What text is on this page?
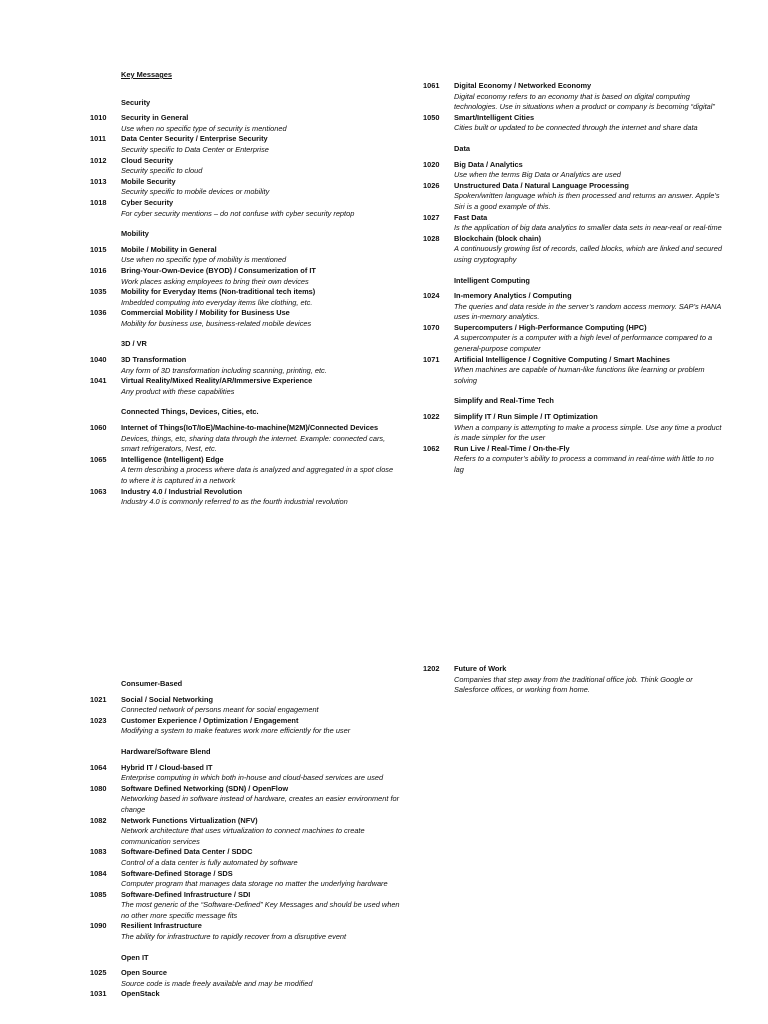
Key Messages
Security
1010	Security in General
Use when no specific type of security is mentioned
1011	Data Center Security / Enterprise Security
Security specific to Data Center or Enterprise
1012	Cloud Security
Security specific to cloud
1013	Mobile Security
Security specific to mobile devices or mobility
1018	Cyber Security
For cyber security mentions – do not confuse with cyber security reptop
Mobility
1015	Mobile / Mobility in General
Use when no specific type of mobility is mentioned
1016	Bring-Your-Own-Device (BYOD) / Consumerization of IT
Work places asking employees to bring their own devices
1035	Mobility for Everyday Items (Non-traditional tech items)
Imbedded computing into everyday items like clothing, etc.
1036	Commercial Mobility / Mobility for Business Use
Mobility for business use, business-related mobile devices
3D / VR
1040	3D Transformation
Any form of 3D transformation including scanning, printing, etc.
1041	Virtual Reality/Mixed Reality/AR/Immersive Experience
Any product with these capabilities
Connected Things, Devices, Cities, etc.
1060	Internet of Things(IoT/IoE)/Machine-to-machine(M2M)/Connected Devices
Devices, things, etc, sharing data through the internet. Example: connected cars, smart refrigerators, Nest, etc.
1065	Intelligence (Intelligent) Edge
A term describing a process where data is analyzed and aggregated in a spot close to where it is captured in a network
1063	Industry 4.0 / Industrial Revolution
Industry 4.0 is commonly referred to as the fourth industrial revolution
1061	Digital Economy / Networked Economy
Digital economy refers to an economy that is based on digital computing technologies. Use in situations when a product or company is becoming “digital”
1050	Smart/Intelligent Cities
Cities built or updated to be connected through the internet and share data
Data
1020	Big Data / Analytics
Use when the terms Big Data or Analytics are used
1026	Unstructured Data / Natural Language Processing
Spoken/written language which is then processed and returns an answer. Apple’s Siri is a good example of this.
1027	Fast Data
Is the application of big data analytics to smaller data sets in near-real or real-time
1028	Blockchain (block chain)
A continuously growing list of records, called blocks, which are linked and secured using cryptography
Intelligent Computing
1024	In-memory Analytics / Computing
The queries and data reside in the server’s random access memory. SAP’s HANA uses in-memory analytics.
1070	Supercomputers / High-Performance Computing (HPC)
A supercomputer is a computer with a high level of performance compared to a general-purpose computer
1071	Artificial Intelligence / Cognitive Computing / Smart Machines
When machines are capable of human-like functions like learning or problem solving
Simplify and Real-Time Tech
1022	Simplify IT / Run Simple / IT Optimization
When a company is attempting to make a process simple. Use any time a product is made simpler for the user
1062	Run Live / Real-Time / On-the-Fly
Refers to a computer’s ability to process a command in real-time with little to no lag
Consumer-Based
1021	Social / Social Networking
Connected network of persons meant for social engagement
1023	Customer Experience / Optimization / Engagement
Modifying a system to make features work more efficiently for the user
Hardware/Software Blend
1064	Hybrid IT / Cloud-based IT
Enterprise computing in which both in-house and cloud-based services are used
1080	Software Defined Networking (SDN) / OpenFlow
Networking based in software instead of hardware, creates an easier environment for change
1082	Network Functions Virtualization (NFV)
Network architecture that uses virtualization to connect machines to create communication services
1083	Software-Defined Data Center / SDDC
Control of a data center is fully automated by software
1084	Software-Defined Storage / SDS
Computer program that manages data storage no matter the underlying hardware
1085	Software-Defined Infrastructure / SDI
The most generic of the “Software-Defined” Key Messages and should be used when no other more specific message fits
1090	Resilient Infrastructure
The ability for infrastructure to rapidly recover from a disruptive event
Open IT
1025	Open Source
Source code is made freely available and may be modified
1031	OpenStack
1202	Future of Work
Companies that step away from the traditional office job. Think Google or Salesforce offices, or working from home.
